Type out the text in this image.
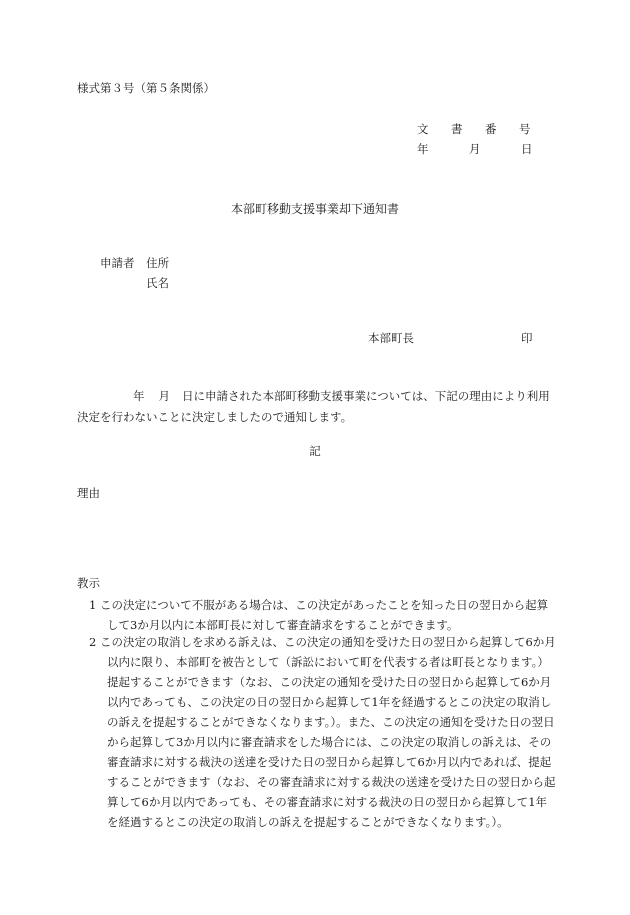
様式第３号（第５条関係）
文 書 番 号
年	月	日
本部町移動支援事業却下通知書
申請者 住所
氏名
本部町長	印
年 月 日に申請された本部町移動支援事業については、下記の理由により利用決定を行わないことに決定しましたので通知します。
記
理由
教示
1 この決定について不服がある場合は、この決定があったことを知った日の翌日から起算して3か月以内に本部町長に対して審査請求をすることができます。
2 この決定の取消しを求める訴えは、この決定の通知を受けた日の翌日から起算して6か月以内に限り、本部町を被告として（訴訟において町を代表する者は町長となります。）提起することができます（なお、この決定の通知を受けた日の翌日から起算して6か月以内であっても、この決定の日の翌日から起算して1年を経過するとこの決定の取消しの訴えを提起することができなくなります。）。また、この決定の通知を受けた日の翌日から起算して3か月以内に審査請求をした場合には、この決定の取消しの訴えは、その審査請求に対する裁決の送達を受けた日の翌日から起算して6か月以内であれば、提起することができます（なお、その審査請求に対する裁決の送達を受けた日の翌日から起算して6か月以内であっても、その審査請求に対する裁決の日の翌日から起算して1年を経過するとこの決定の取消しの訴えを提起することができなくなります。）。
